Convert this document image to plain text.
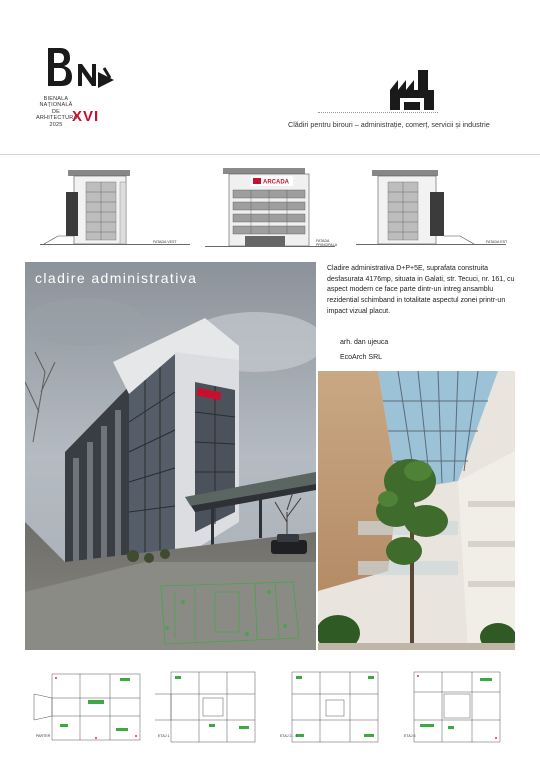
BIENALA
NAȚIONALĂ
DE
ARHITECTURĂ
2025 XVI	Clădiri pentru birouri – administrație, comerț, servicii și industrie
FATADA VEST
ARCADA
FATADA PRINCIPALA
FATADA EST
cladire administrativa
Cladire administrativa D+P+5E, suprafata construita desfasurata 4176mp, situata in Galati, str. Tecuci, nr. 161, cu aspect modern ce face parte dintr-un intreg ansamblu rezidential schimband in totalitate aspectul zonei printr-un impact vizual placut.
arh. dan ujeuca
EcoArch SRL
PARTER	ETAJ 1	ETAJ 2 - 4	ETAJ 5
